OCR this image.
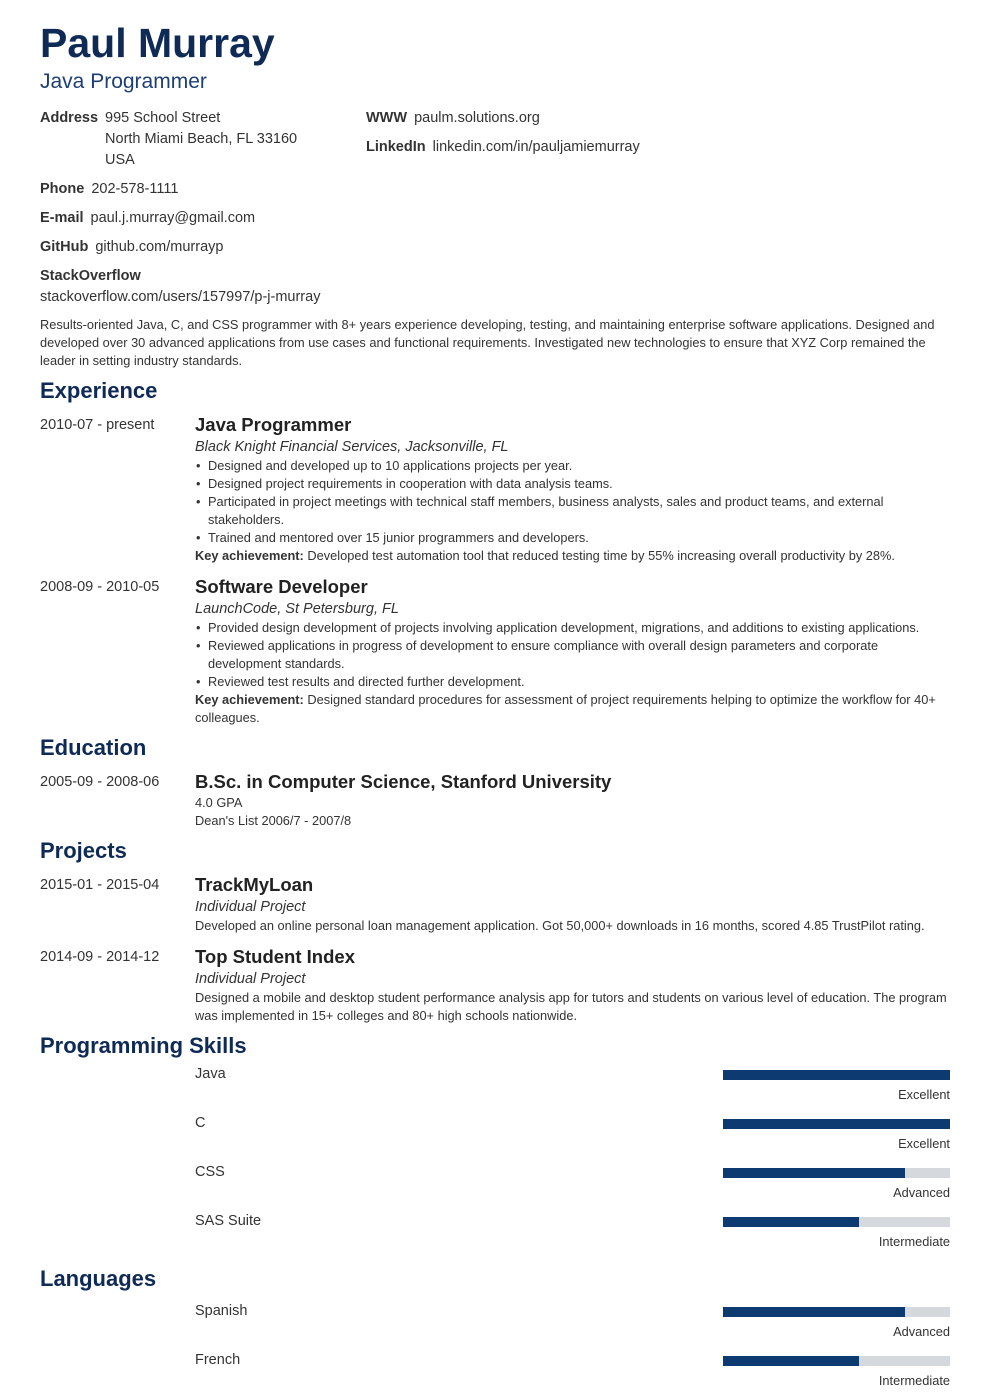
Paul Murray
Java Programmer
Address 995 School Street
North Miami Beach, FL 33160
USA
Phone 202-578-1111
E-mail paul.j.murray@gmail.com
GitHub github.com/murrayp
StackOverflow
stackoverflow.com/users/157997/p-j-murray
WWW paulm.solutions.org
LinkedIn linkedin.com/in/pauljamiemurray
Results-oriented Java, C, and CSS programmer with 8+ years experience developing, testing, and maintaining enterprise software applications. Designed and developed over 30 advanced applications from use cases and functional requirements. Investigated new technologies to ensure that XYZ Corp remained the leader in setting industry standards.
Experience
2010-07 - present	Java Programmer
Black Knight Financial Services, Jacksonville, FL
• Designed and developed up to 10 applications projects per year.
• Designed project requirements in cooperation with data analysis teams.
• Participated in project meetings with technical staff members, business analysts, sales and product teams, and external stakeholders.
• Trained and mentored over 15 junior programmers and developers.
Key achievement: Developed test automation tool that reduced testing time by 55% increasing overall productivity by 28%.
2008-09 - 2010-05	Software Developer
LaunchCode, St Petersburg, FL
• Provided design development of projects involving application development, migrations, and additions to existing applications.
• Reviewed applications in progress of development to ensure compliance with overall design parameters and corporate development standards.
• Reviewed test results and directed further development.
Key achievement: Designed standard procedures for assessment of project requirements helping to optimize the workflow for 40+ colleagues.
Education
2005-09 - 2008-06	B.Sc. in Computer Science, Stanford University
4.0 GPA
Dean's List 2006/7 - 2007/8
Projects
2015-01 - 2015-04	TrackMyLoan
Individual Project
Developed an online personal loan management application. Got 50,000+ downloads in 16 months, scored 4.85 TrustPilot rating.
2014-09 - 2014-12	Top Student Index
Individual Project
Designed a mobile and desktop student performance analysis app for tutors and students on various level of education. The program was implemented in 15+ colleges and 80+ high schools nationwide.
Programming Skills
Java
Excellent
C
Excellent
CSS
Advanced
SAS Suite
Intermediate
Languages
Spanish
Advanced
French
Intermediate
